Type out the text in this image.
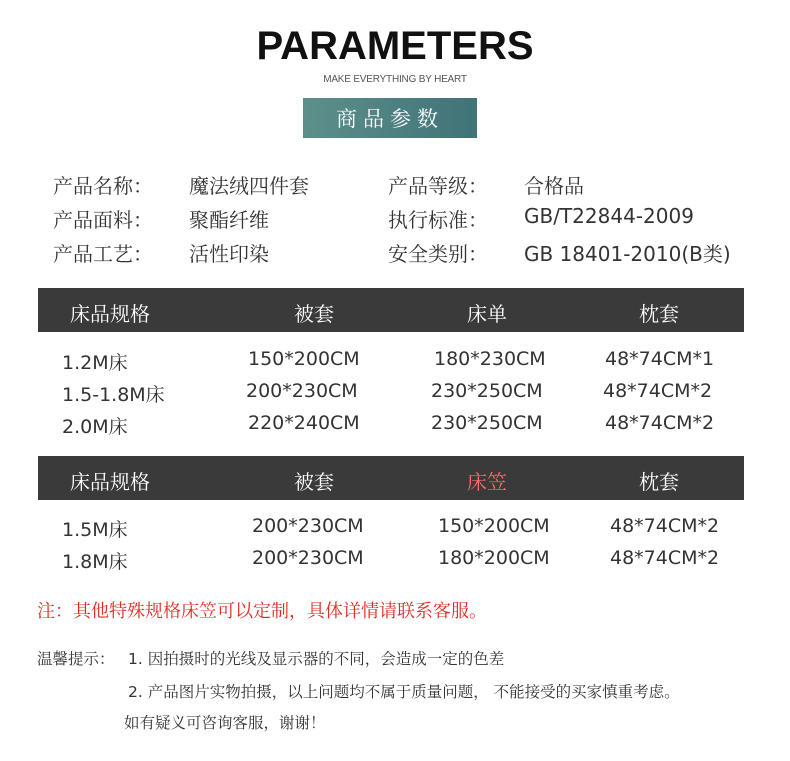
PARAMETERS
MAKE EVERYTHING BY HEART
商品参数
产品名称：	魔法绒四件套
产品面料：	聚酯纤维
产品工艺：	活性印染
产品等级：	合格品
执行标准：	GB/T22844-2009
安全类别：	GB 18401-2010(B类)
床品规格	被套	床单	枕套
1.2M床	150*200CM	180*230CM	48*74CM*1
1.5-1.8M床	200*230CM	230*250CM	48*74CM*2
2.0M床	220*240CM	230*250CM	48*74CM*2
床品规格	被套	床笠	枕套
1.5M床	200*230CM	150*200CM	48*74CM*2
1.8M床	200*230CM	180*200CM	48*74CM*2
注：其他特殊规格床笠可以定制，具体详情请联系客服。
温馨提示： 1. 因拍摄时的光线及显示器的不同，会造成一定的色差
2. 产品图片实物拍摄，以上问题均不属于质量问题， 不能接受的买家慎重考虑。
如有疑义可咨询客服，谢谢！
